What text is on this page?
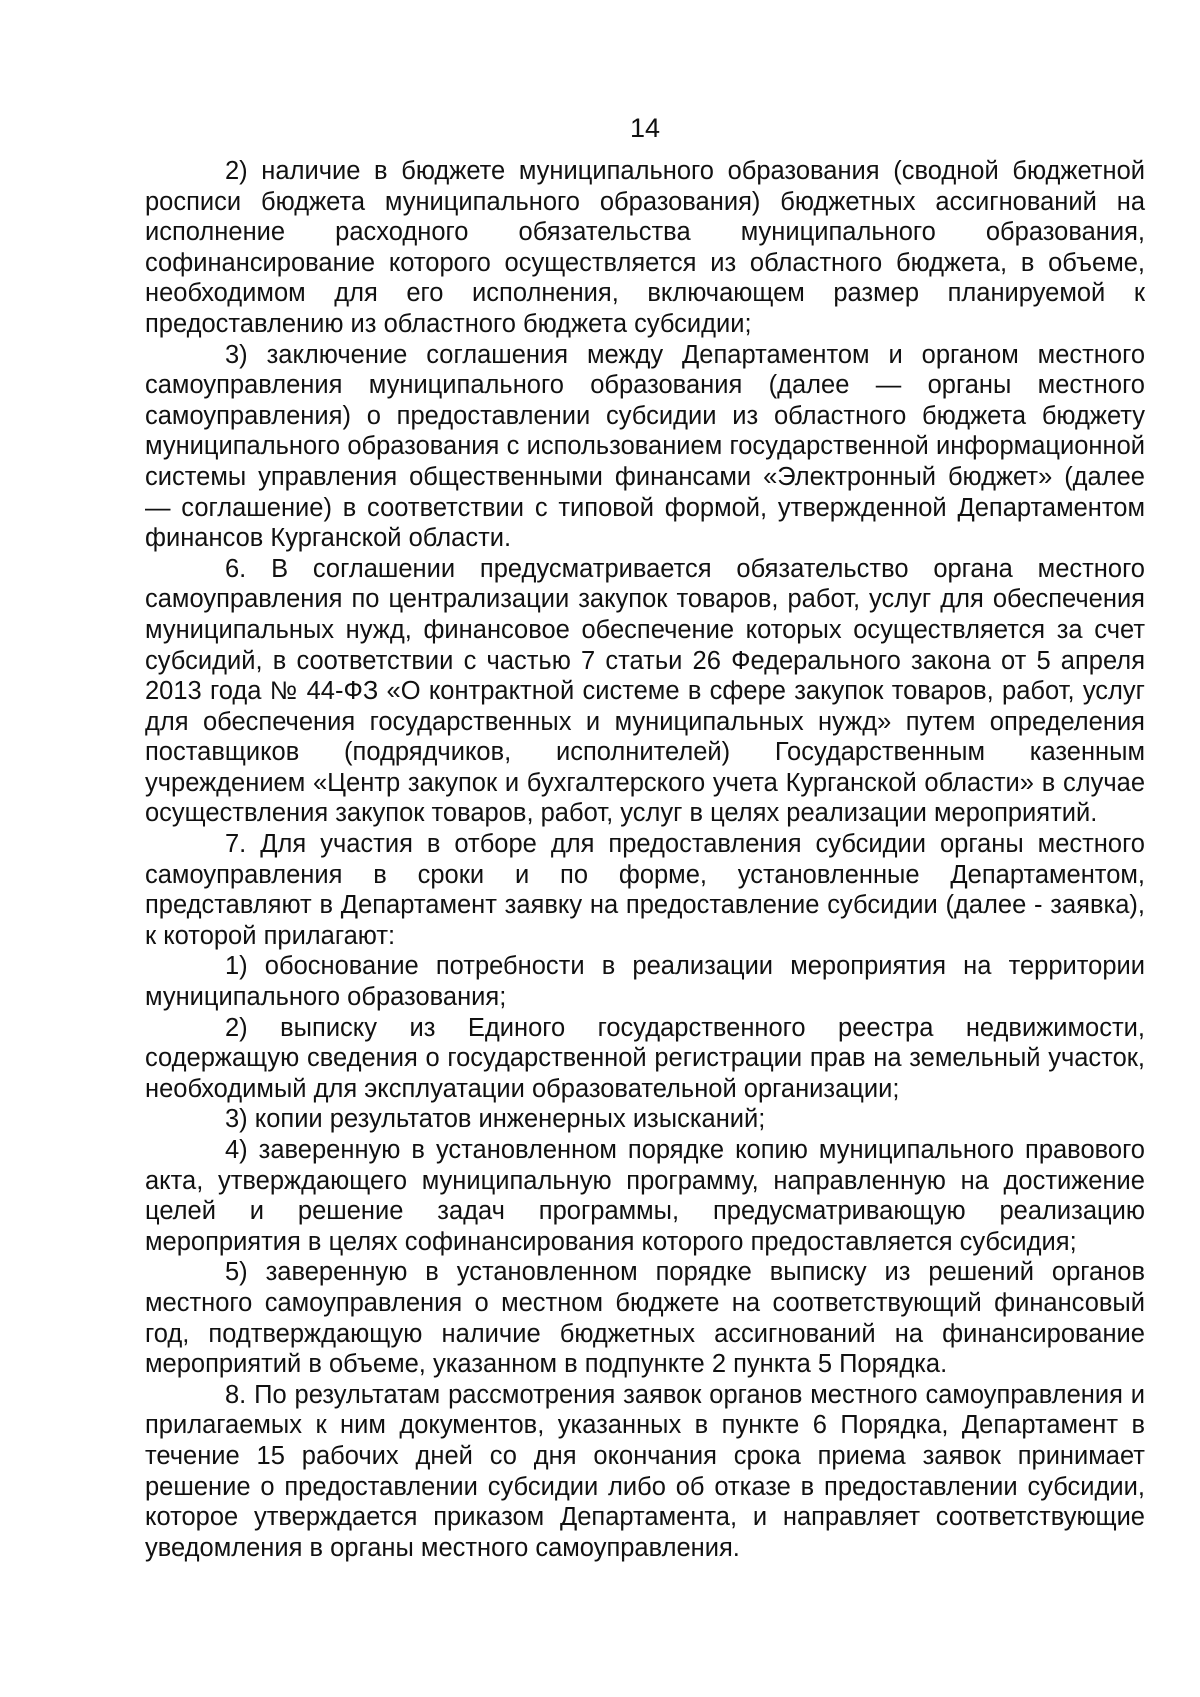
14

2) наличие в бюджете муниципального образования (сводной бюджетной росписи бюджета муниципального образования) бюджетных ассигнований на исполнение расходного обязательства муниципального образования, софинансирование которого осуществляется из областного бюджета, в объеме, необходимом для его исполнения, включающем размер планируемой к предоставлению из областного бюджета субсидии;

3) заключение соглашения между Департаментом и органом местного самоуправления муниципального образования (далее — органы местного самоуправления) о предоставлении субсидии из областного бюджета бюджету муниципального образования с использованием государственной информационной системы управления общественными финансами «Электронный бюджет» (далее — соглашение) в соответствии с типовой формой, утвержденной Департаментом финансов Курганской области.

6. В соглашении предусматривается обязательство органа местного самоуправления по централизации закупок товаров, работ, услуг для обеспечения муниципальных нужд, финансовое обеспечение которых осуществляется за счет субсидий, в соответствии с частью 7 статьи 26 Федерального закона от 5 апреля 2013 года № 44-ФЗ «О контрактной системе в сфере закупок товаров, работ, услуг для обеспечения государственных и муниципальных нужд» путем определения поставщиков (подрядчиков, исполнителей) Государственным казенным учреждением «Центр закупок и бухгалтерского учета Курганской области» в случае осуществления закупок товаров, работ, услуг в целях реализации мероприятий.

7. Для участия в отборе для предоставления субсидии органы местного самоуправления в сроки и по форме, установленные Департаментом, представляют в Департамент заявку на предоставление субсидии (далее - заявка), к которой прилагают:

1) обоснование потребности в реализации мероприятия на территории муниципального образования;

2) выписку из Единого государственного реестра недвижимости, содержащую сведения о государственной регистрации прав на земельный участок, необходимый для эксплуатации образовательной организации;

3) копии результатов инженерных изысканий;

4) заверенную в установленном порядке копию муниципального правового акта, утверждающего муниципальную программу, направленную на достижение целей и решение задач программы, предусматривающую реализацию мероприятия в целях софинансирования которого предоставляется субсидия;

5) заверенную в установленном порядке выписку из решений органов местного самоуправления о местном бюджете на соответствующий финансовый год, подтверждающую наличие бюджетных ассигнований на финансирование мероприятий в объеме, указанном в подпункте 2 пункта 5 Порядка.

8. По результатам рассмотрения заявок органов местного самоуправления и прилагаемых к ним документов, указанных в пункте 6 Порядка, Департамент в течение 15 рабочих дней со дня окончания срока приема заявок принимает решение о предоставлении субсидии либо об отказе в предоставлении субсидии, которое утверждается приказом Департамента, и направляет соответствующие уведомления в органы местного самоуправления.
